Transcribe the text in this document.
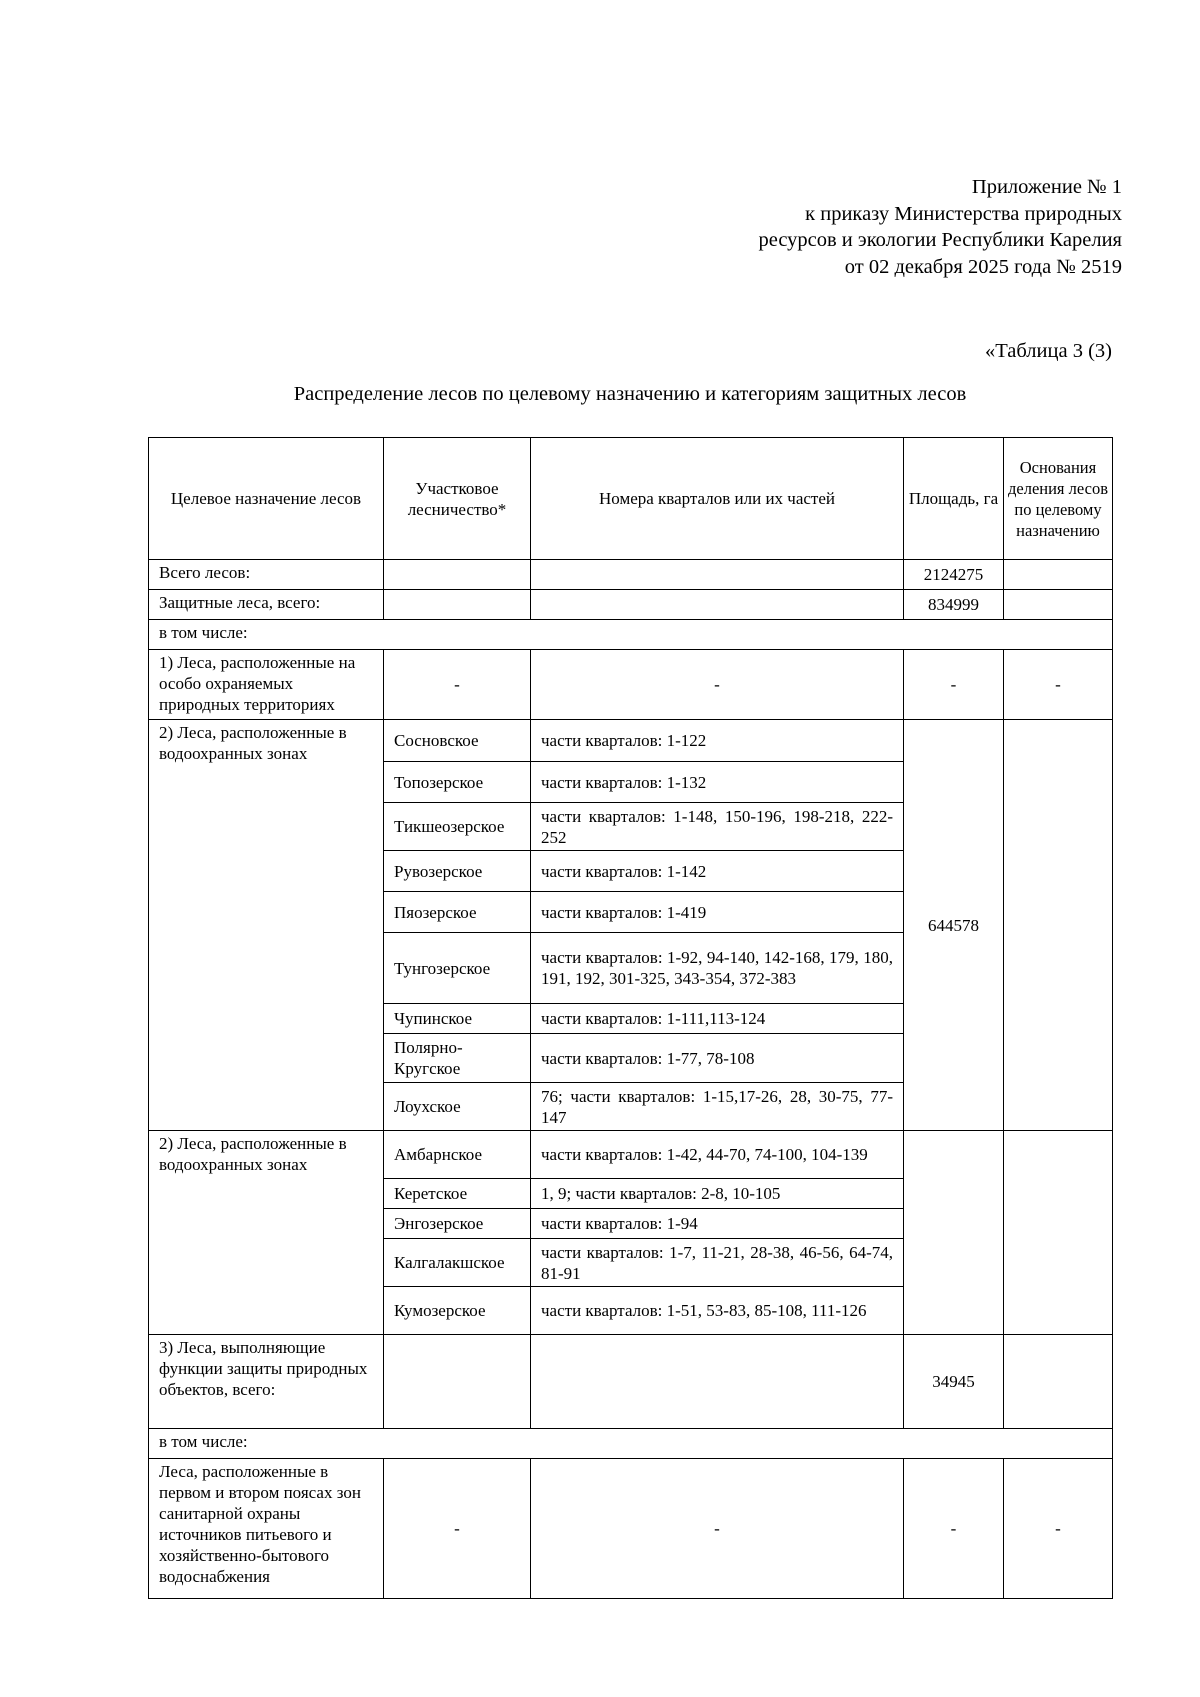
Приложение № 1
к приказу Министерства природных
ресурсов и экологии Республики Карелия
от 02 декабря 2025 года № 2519
«Таблица 3 (3)
Распределение лесов по целевому назначению и категориям защитных лесов
Целевое назначение лесов	Участковое лесничество*	Номера кварталов или их частей	Площадь, га	Основания деления лесов по целевому назначению
Всего лесов:			2124275	
Защитные леса, всего:			834999	
в том числе:				
1) Леса, расположенные на особо охраняемых природных территориях	-	-	-	-
2) Леса, расположенные в водоохранных зонах	Сосновское	части кварталов: 1-122	644578	
	Топозерское	части кварталов: 1-132		
	Тикшеозерское	части кварталов: 1-148, 150-196, 198-218, 222-252		
	Рувозерское	части кварталов: 1-142		
	Пяозерское	части кварталов: 1-419		
	Тунгозерское	части кварталов: 1-92, 94-140, 142-168, 179, 180, 191, 192, 301-325, 343-354, 372-383		
	Чупинское	части кварталов: 1-111,113-124		
	Полярно-Кругское	части кварталов: 1-77, 78-108		
	Лоухское	76; части кварталов: 1-15,17-26, 28, 30-75, 77-147		
2) Леса, расположенные в водоохранных зонах	Амбарнское	части кварталов: 1-42, 44-70, 74-100, 104-139		
	Керетское	1, 9; части кварталов: 2-8, 10-105		
	Энгозерское	части кварталов: 1-94		
	Калгалакшское	части кварталов: 1-7, 11-21, 28-38, 46-56, 64-74, 81-91		
	Кумозерское	части кварталов: 1-51, 53-83, 85-108, 111-126		
3) Леса, выполняющие функции защиты природных объектов, всего:			34945	
в том числе:				
Леса, расположенные в первом и втором поясах зон санитарной охраны источников питьевого и хозяйственно-бытового водоснабжения	-	-	-	-
